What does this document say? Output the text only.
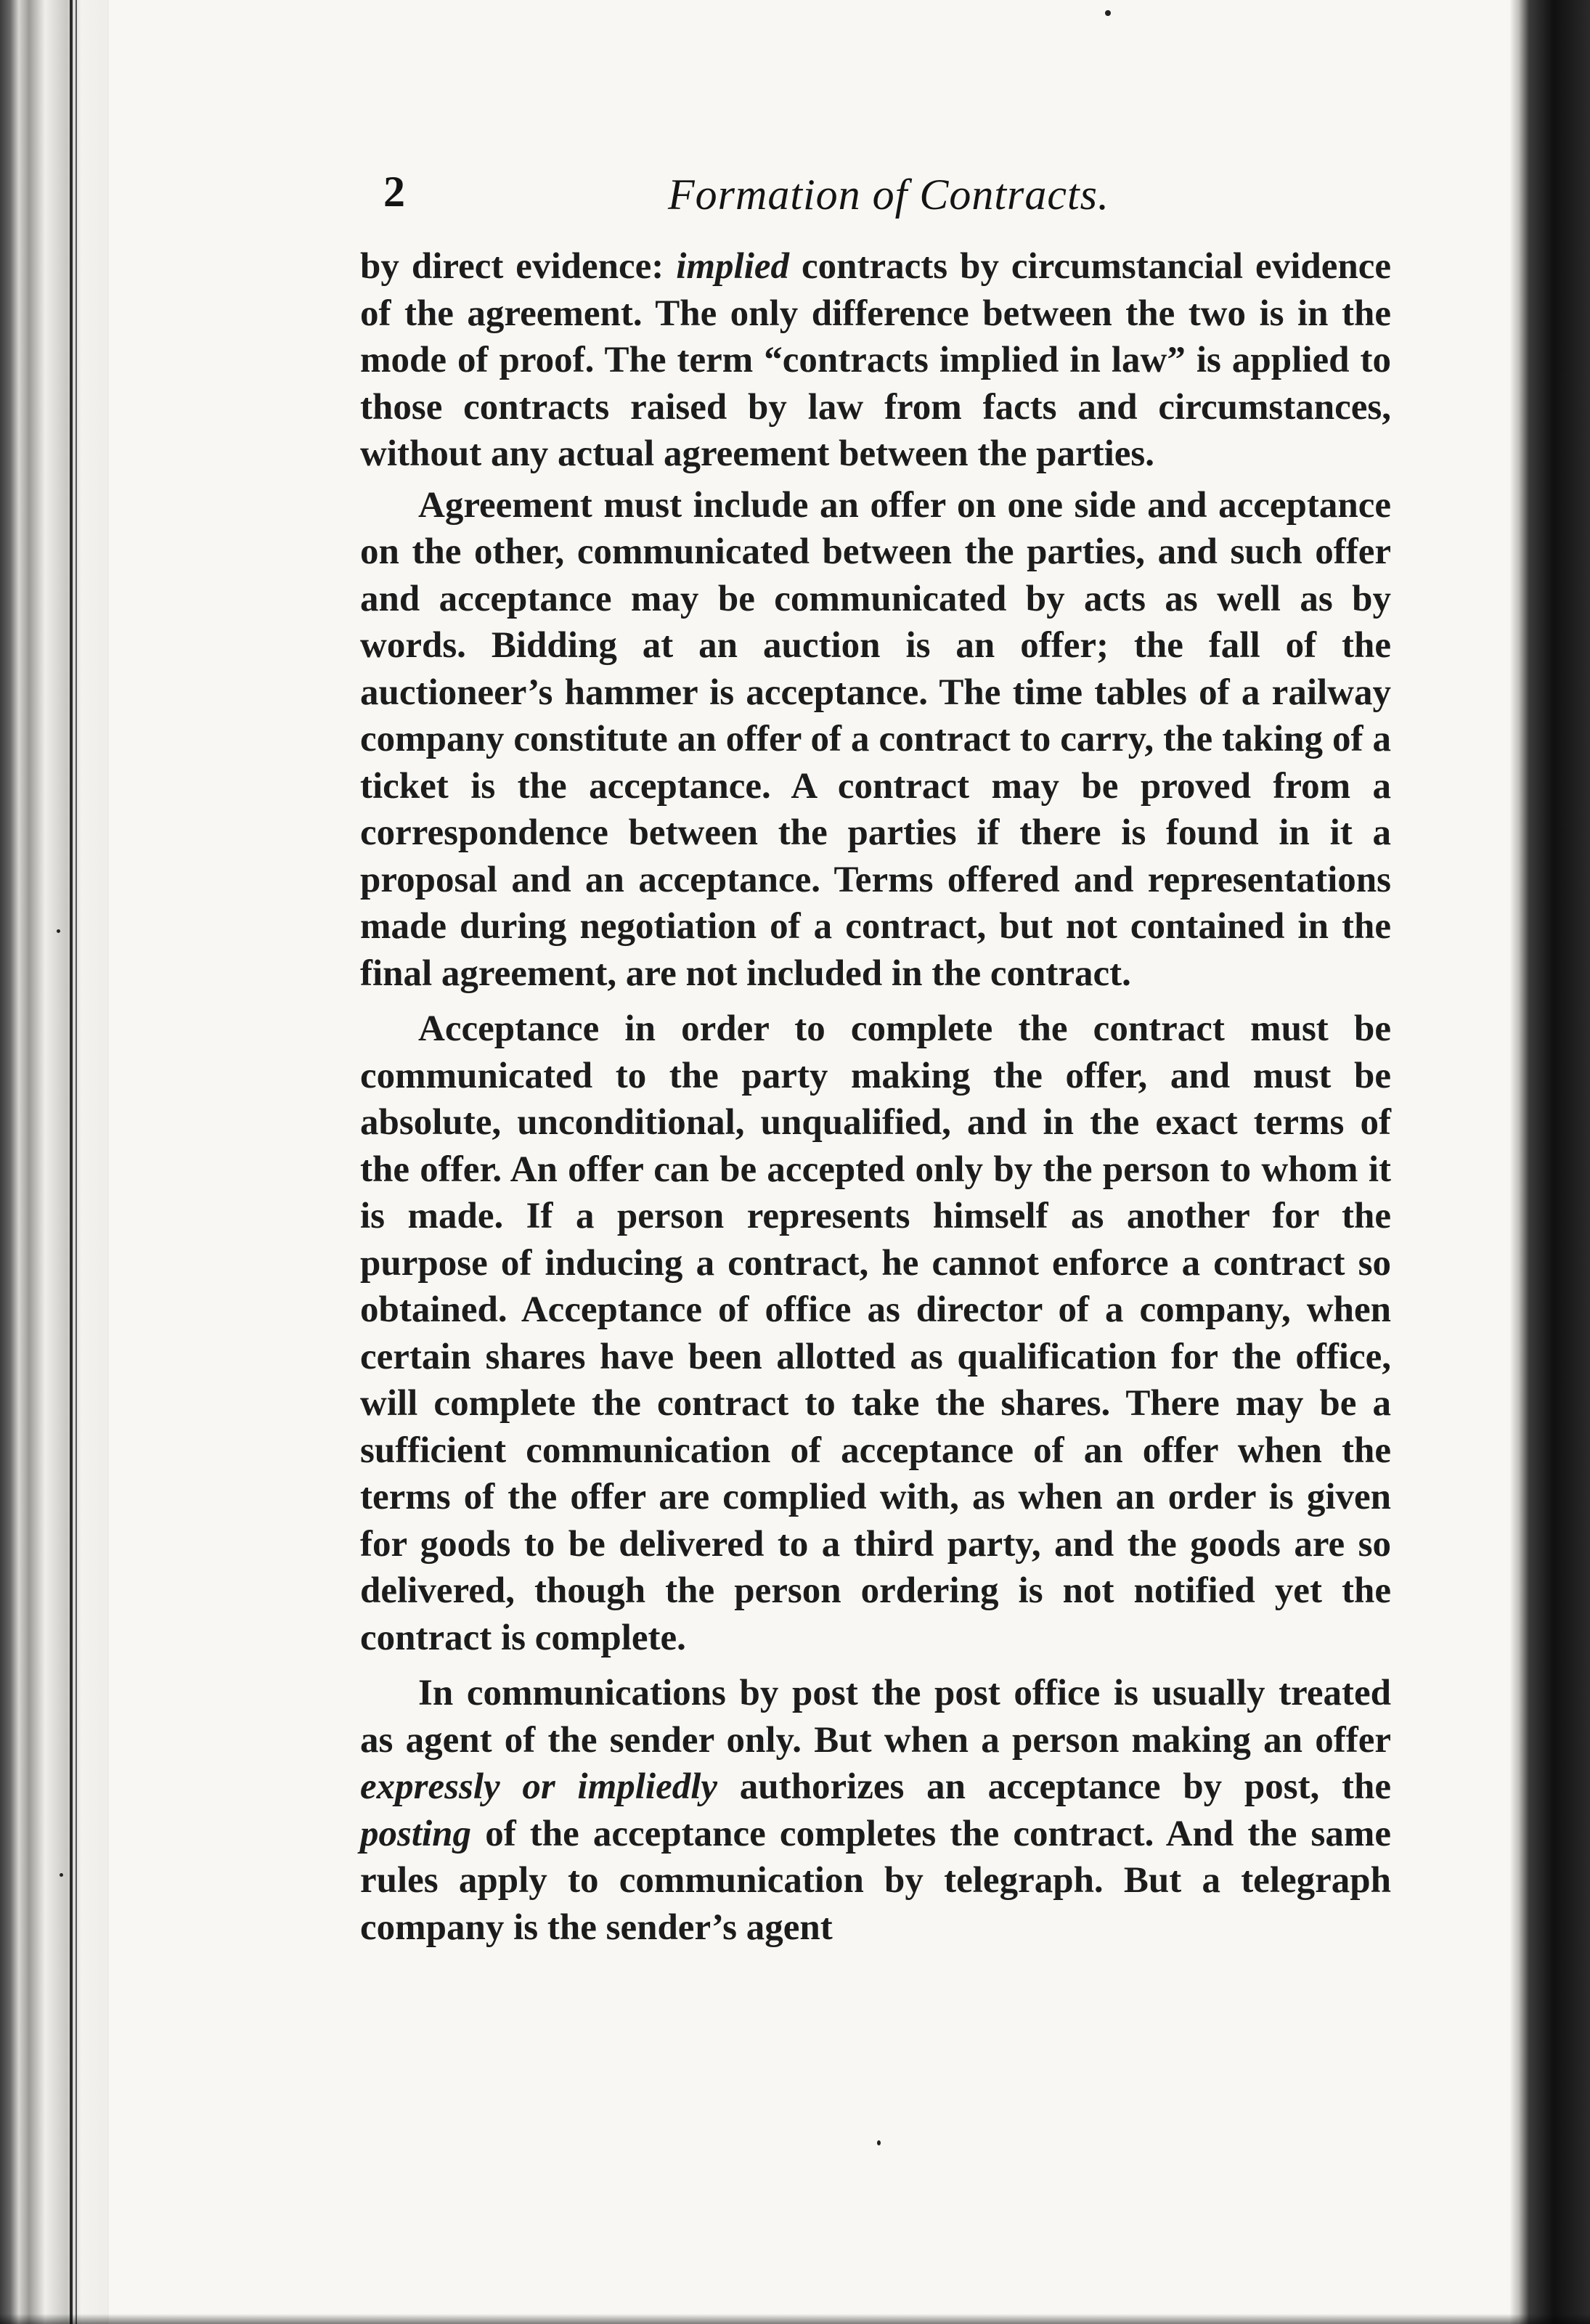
2	Formation of Contracts.

by direct evidence: implied contracts by circumstancial evidence of the agreement. The only difference between the two is in the mode of proof. The term “contracts implied in law” is applied to those contracts raised by law from facts and circumstances, without any actual agreement between the parties.

Agreement must include an offer on one side and acceptance on the other, communicated between the parties, and such offer and acceptance may be communicated by acts as well as by words. Bidding at an auction is an offer; the fall of the auctioneer’s hammer is acceptance. The time tables of a railway company constitute an offer of a contract to carry, the taking of a ticket is the acceptance. A contract may be proved from a correspondence between the parties if there is found in it a proposal and an acceptance. Terms offered and representations made during negotiation of a contract, but not contained in the final agreement, are not included in the contract.

Acceptance in order to complete the contract must be communicated to the party making the offer, and must be absolute, unconditional, unqualified, and in the exact terms of the offer. An offer can be accepted only by the person to whom it is made. If a person represents himself as another for the purpose of inducing a contract, he cannot enforce a contract so obtained. Acceptance of office as director of a company, when certain shares have been allotted as qualification for the office, will complete the contract to take the shares. There may be a sufficient communication of acceptance of an offer when the terms of the offer are complied with, as when an order is given for goods to be delivered to a third party, and the goods are so delivered, though the person ordering is not notified yet the contract is complete.

In communications by post the post office is usually treated as agent of the sender only. But when a person making an offer expressly or impliedly authorizes an acceptance by post, the posting of the acceptance completes the contract. And the same rules apply to communication by telegraph. But a telegraph company is the sender’s agent
